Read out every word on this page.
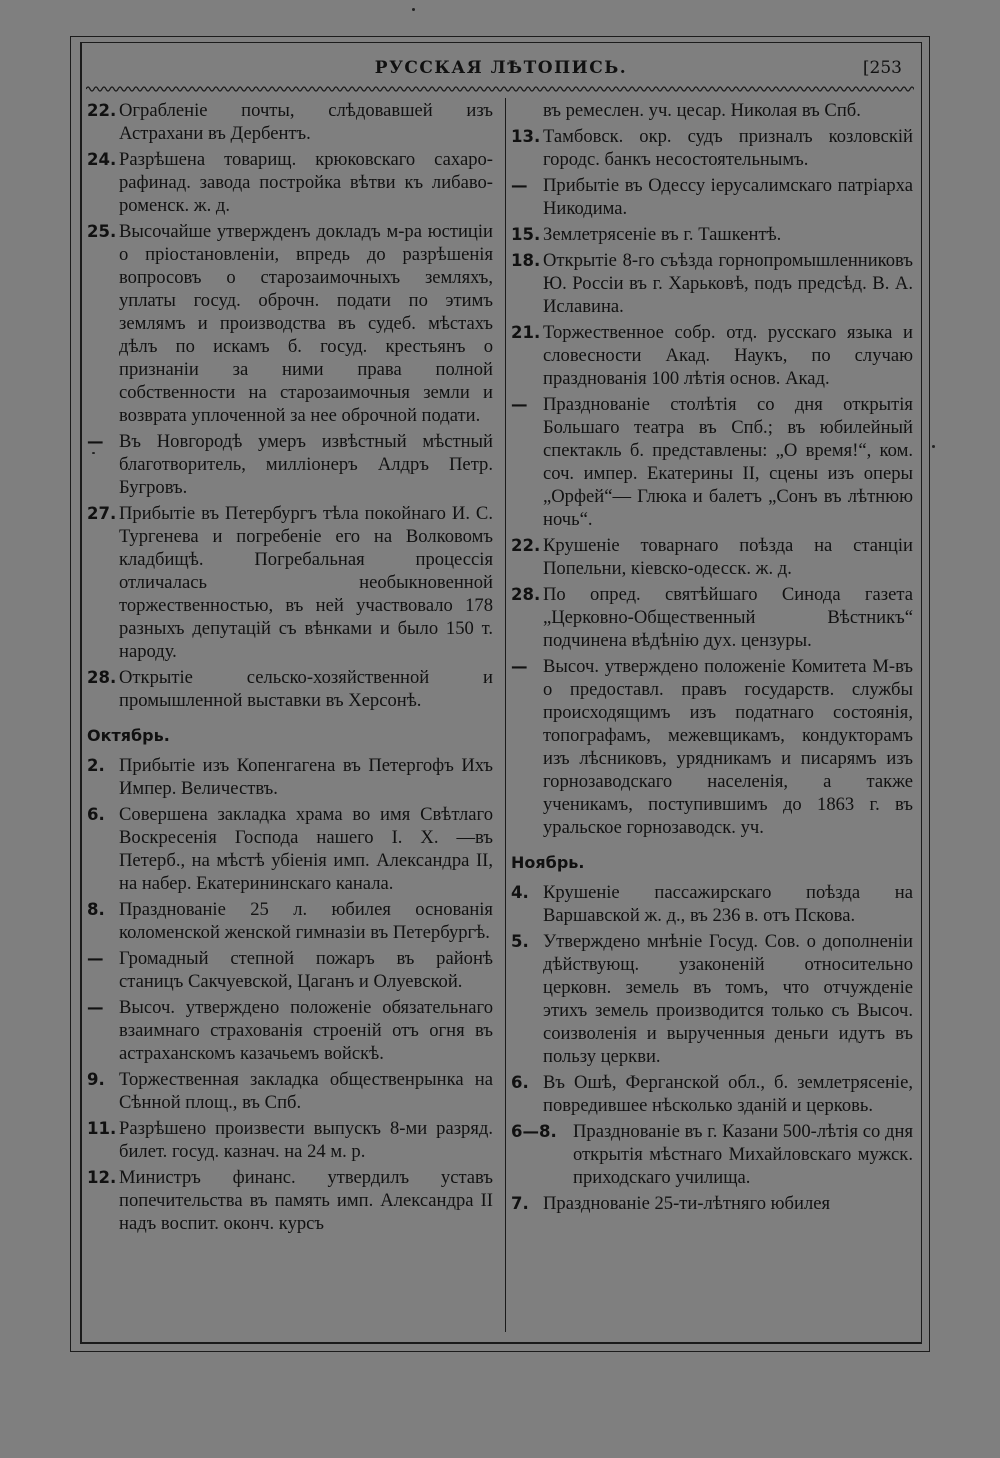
РУССКАЯ ЛѢТОПИСЬ.	[253
22. Ограбленіе почты, слѣдовавшей изъ Астрахани въ Дербентъ.
24. Разрѣшена товарищ. крюковскаго сахаро-рафинад. завода постройка вѣтви къ либаво-роменск. ж. д.
25. Высочайше утвержденъ докладъ м-ра юстиціи о пріостановленіи, впредь до разрѣшенія вопросовъ о старозаимочныхъ земляхъ, уплаты госуд. оброчн. подати по этимъ землямъ и производства въ судеб. мѣстахъ дѣлъ по искамъ б. госуд. крестьянъ о признаніи за ними права полной собственности на старозаимочныя земли и возврата уплоченной за нее оброчной подати.
— Въ Новгородѣ умеръ извѣстный мѣстный благотворитель, милліонеръ Алдръ Петр. Бугровъ.
27. Прибытіе въ Петербургъ тѣла покойнаго И. С. Тургенева и погребеніе его на Волковомъ кладбищѣ. Погребальная процессія отличалась необыкновенной торжественностью, въ ней участвовало 178 разныхъ депутацій съ вѣнками и было 150 т. народу.
28. Открытіе сельско-хозяйственной и промышленной выставки въ Херсонѣ.
Октябрь.
2. Прибытіе изъ Копенгагена въ Петергофъ Ихъ Импер. Величествъ.
6. Совершена закладка храма во имя Свѣтлаго Воскресенія Господа нашего І. Х. —въ Петерб., на мѣстѣ убіенія имп. Александра II, на набер. Екатерининскаго канала.
8. Празднованіе 25 л. юбилея основанія коломенской женской гимназіи въ Петербургѣ.
— Громадный степной пожаръ въ районѣ станицъ Сакчуевской, Цаганъ и Олуевской.
— Высоч. утверждено положеніе обязательнаго взаимнаго страхованія строеній отъ огня въ астраханскомъ казачьемъ войскѣ.
9. Торжественная закладка общественрынка на Сѣнной площ., въ Спб.
11. Разрѣшено произвести выпускъ 8-ми разряд. билет. госуд. казнач. на 24 м. р.
12. Министръ финанс. утвердилъ уставъ попечительства въ память имп. Александра II надъ воспит. оконч. курсъ
въ ремеслен. уч. цесар. Николая въ Спб.
13. Тамбовск. окр. судъ призналъ козловскій городс. банкъ несостоятельнымъ.
— Прибытіе въ Одессу іерусалимскаго патріарха Никодима.
15. Землетрясеніе въ г. Ташкентѣ.
18. Открытіе 8-го съѣзда горнопромышленниковъ Ю. Россіи въ г. Харьковѣ, подъ предсѣд. В. А. Иславина.
21. Торжественное собр. отд. русскаго языка и словесности Акад. Наукъ, по случаю празднованія 100 лѣтія основ. Акад.
— Празднованіе столѣтія со дня открытія Большаго театра въ Спб.; въ юбилейный спектакль б. представлены: „О время!“, ком. соч. импер. Екатерины II, сцены изъ оперы „Орфей“— Глюка и балетъ „Сонъ въ лѣтнюю ночь“.
22. Крушеніе товарнаго поѣзда на станціи Попельни, кіевско-одесск. ж. д.
28. По опред. святѣйшаго Синода газета „Церковно-Общественный Вѣстникъ“ подчинена вѣдѣнію дух. цензуры.
— Высоч. утверждено положеніе Комитета М-въ о предоставл. правъ государств. службы происходящимъ изъ податнаго состоянія, топографамъ, межевщикамъ, кондукторамъ изъ лѣсниковъ, урядникамъ и писарямъ изъ горнозаводскаго населенія, а также ученикамъ, поступившимъ до 1863 г. въ уральское горнозаводск. уч.
Ноябрь.
4. Крушеніе пассажирскаго поѣзда на Варшавской ж. д., въ 236 в. отъ Пскова.
5. Утверждено мнѣніе Госуд. Сов. о дополненіи дѣйствующ. узаконеній относительно церковн. земель въ томъ, что отчужденіе этихъ земель производится только съ Высоч. соизволенія и вырученныя деньги идутъ въ пользу церкви.
6. Въ Ошѣ, Ферганской обл., б. землетрясеніе, повредившее нѣсколько зданій и церковь.
6—8. Празднованіе въ г. Казани 500-лѣтія со дня открытія мѣстнаго Михайловскаго мужск. приходскаго училища.
7. Празднованіе 25-ти-лѣтняго юбилея
